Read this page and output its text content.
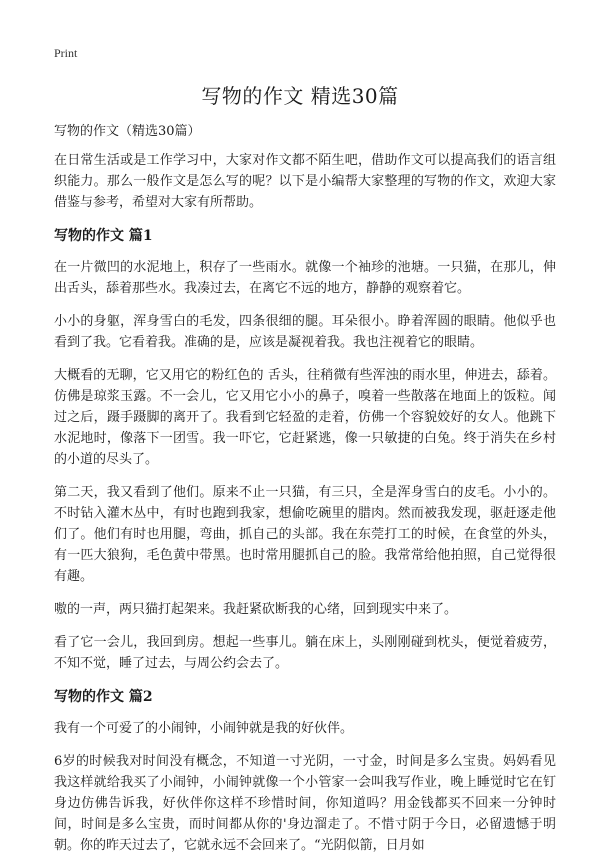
Print
写物的作文 精选30篇
写物的作文（精选30篇）

在日常生活或是工作学习中，大家对作文都不陌生吧，借助作文可以提高我们的语言组织能力。那么一般作文是怎么写的呢？以下是小编帮大家整理的写物的作文，欢迎大家借鉴与参考，希望对大家有所帮助。

写物的作文 篇1

在一片微凹的水泥地上，积存了一些雨水。就像一个袖珍的池塘。一只猫，在那儿，伸出舌头，舔着那些水。我凑过去，在离它不远的地方，静静的观察着它。

小小的身躯，浑身雪白的毛发，四条很细的腿。耳朵很小。睁着浑圆的眼睛。他似乎也看到了我。它看着我。准确的是，应该是凝视着我。我也注视着它的眼睛。

大概看的无聊，它又用它的粉红色的 舌头，往稍微有些浑浊的雨水里，伸进去，舔着。仿佛是琼浆玉露。不一会儿，它又用它小小的鼻子，嗅着一些散落在地面上的饭粒。闻过之后，蹑手蹑脚的离开了。我看到它轻盈的走着，仿佛一个容貌姣好的女人。他跳下水泥地时，像落下一团雪。我一吓它，它赶紧逃，像一只敏捷的白兔。终于消失在乡村的小道的尽头了。

第二天，我又看到了他们。原来不止一只猫，有三只，全是浑身雪白的皮毛。小小的。不时钻入灌木丛中，有时也跑到我家，想偷吃碗里的腊肉。然而被我发现，驱赶逐走他们了。他们有时也用腿，弯曲，抓自己的头部。我在东莞打工的时候，在食堂的外头，有一匹大狼狗，毛色黄中带黑。也时常用腿抓自己的脸。我常常给他拍照，自己觉得很有趣。

嗷的一声，两只猫打起架来。我赶紧砍断我的心绪，回到现实中来了。

看了它一会儿，我回到房。想起一些事儿。躺在床上，头刚刚碰到枕头，便觉着疲劳，不知不觉，睡了过去，与周公约会去了。

写物的作文 篇2

我有一个可爱了的小闹钟，小闹钟就是我的好伙伴。

6岁的时候我对时间没有概念，不知道一寸光阴，一寸金，时间是多么宝贵。妈妈看见我这样就给我买了小闹钟，小闹钟就像一个小管家一会叫我写作业，晚上睡觉时它在钉身边仿佛告诉我，好伙伴你这样不珍惜时间，你知道吗？用金钱都买不回来一分钟时间，时间是多么宝贵，而时间都从你的'身边溜走了。不惜寸阴于今日，必留遗憾于明朝。你的昨天过去了，它就永远不会回来了。“光阴似箭，日月如
